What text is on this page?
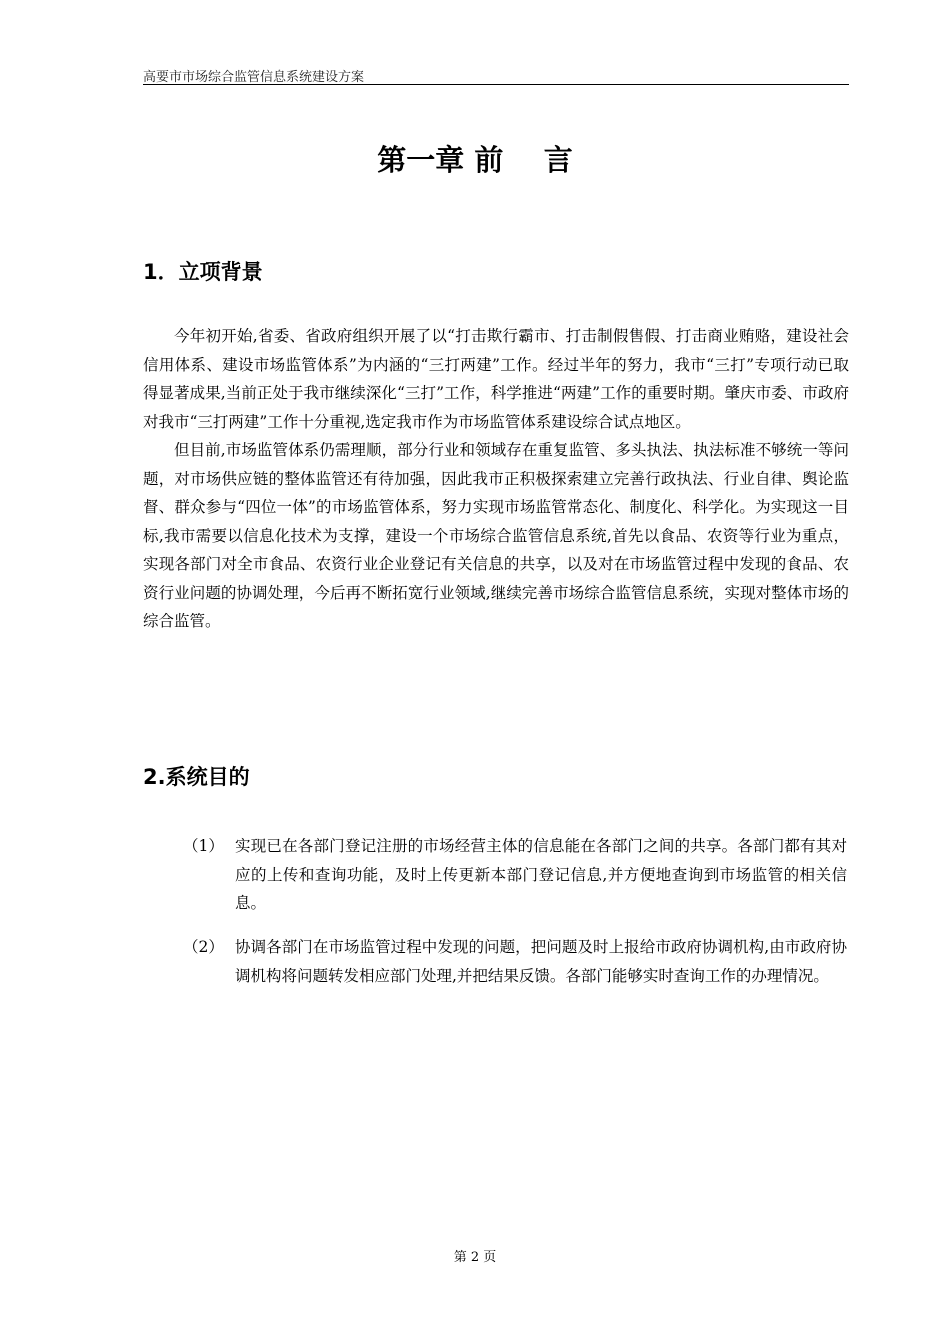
高要市市场综合监管信息系统建设方案
第一章 前    言
1．立项背景

今年初开始,省委、省政府组织开展了以“打击欺行霸市、打击制假售假、打击商业贿赂，建设社会信用体系、建设市场监管体系”为内涵的“三打两建”工作。经过半年的努力，我市“三打”专项行动已取得显著成果,当前正处于我市继续深化“三打”工作，科学推进“两建”工作的重要时期。肇庆市委、市政府对我市“三打两建”工作十分重视,选定我市作为市场监管体系建设综合试点地区。

但目前,市场监管体系仍需理顺，部分行业和领域存在重复监管、多头执法、执法标准不够统一等问题，对市场供应链的整体监管还有待加强，因此我市正积极探索建立完善行政执法、行业自律、舆论监督、群众参与“四位一体”的市场监管体系，努力实现市场监管常态化、制度化、科学化。为实现这一目标,我市需要以信息化技术为支撑，建设一个市场综合监管信息系统,首先以食品、农资等行业为重点，实现各部门对全市食品、农资行业企业登记有关信息的共享，以及对在市场监管过程中发现的食品、农资行业问题的协调处理，今后再不断拓宽行业领域,继续完善市场综合监管信息系统，实现对整体市场的综合监管。

2.系统目的
（1） 实现已在各部门登记注册的市场经营主体的信息能在各部门之间的共享。各部门都有其对应的上传和查询功能，及时上传更新本部门登记信息,并方便地查询到市场监管的相关信息。
（2） 协调各部门在市场监管过程中发现的问题，把问题及时上报给市政府协调机构,由市政府协调机构将问题转发相应部门处理,并把结果反馈。各部门能够实时查询工作的办理情况。
第 2 页
